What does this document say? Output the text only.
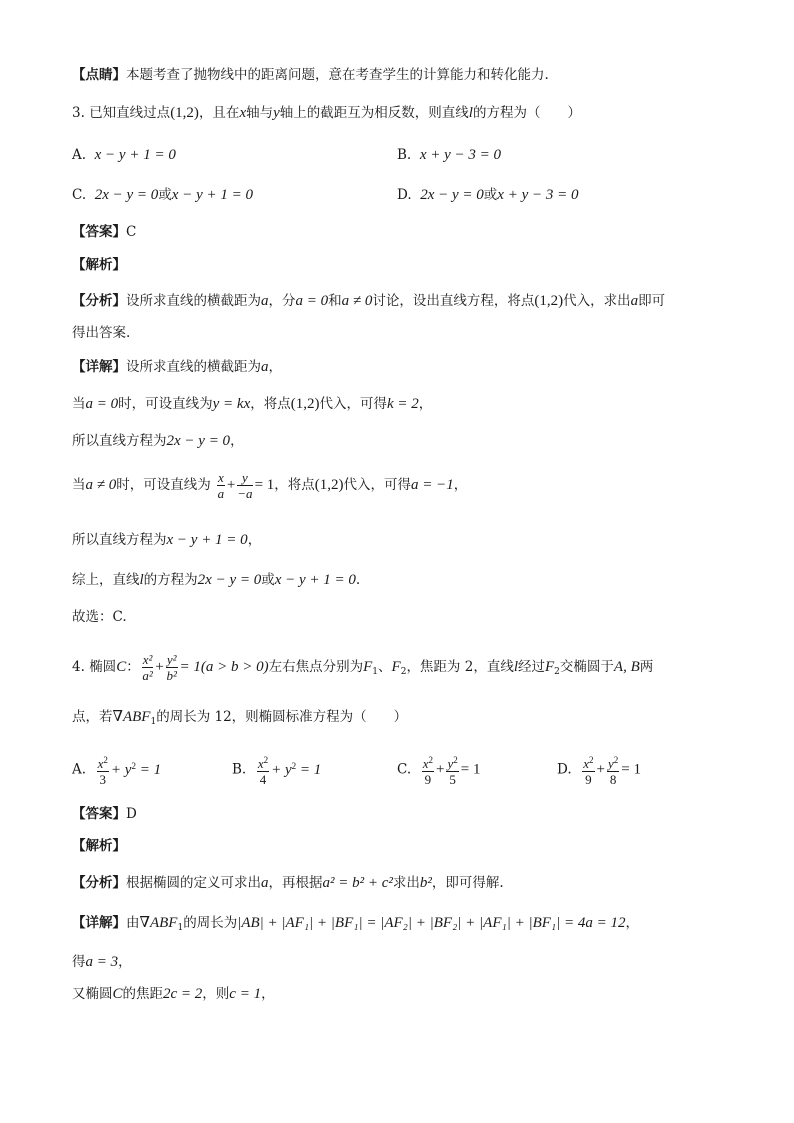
【点睛】本题考查了抛物线中的距离问题，意在考查学生的计算能力和转化能力.
3. 已知直线过点(1,2)，且在x轴与y轴上的截距互为相反数，则直线l的方程为（　　）
A. x − y + 1 = 0	B. x + y − 3 = 0
C. 2x − y = 0或x − y + 1 = 0	D. 2x − y = 0或x + y − 3 = 0
【答案】C
【解析】
【分析】设所求直线的横截距为a，分a = 0和a ≠ 0讨论，设出直线方程，将点(1,2)代入，求出a即可
得出答案.
【详解】设所求直线的横截距为a，
当a = 0时，可设直线为y = kx，将点(1,2)代入，可得k = 2，
所以直线方程为2x − y = 0，
当a ≠ 0时，可设直线为 $\frac{x}{a} + \frac{y}{-a} = 1$，将点(1,2)代入，可得a = −1，
所以直线方程为x − y + 1 = 0，
综上，直线l的方程为2x − y = 0或x − y + 1 = 0.
故选：C.
4. 椭圆C： $\frac{\text{x²}}{\text{a²}} + \frac{\text{y²}}{\text{b²}} = 1(a > b > 0)$左右焦点分别为$F_1$、$F_2$，焦距为 2，直线l经过$F_2$交椭圆于A, B两
点，若$\nabla ABF_1$的周长为 12，则椭圆标准方程为（　　）
A. $\frac{x^2}{3} + y^2 = 1$	B. $\frac{x^2}{4} + y^2 = 1$	C. $\frac{x^2}{9} + \frac{y^2}{5} = 1$	D. $\frac{x^2}{9} + \frac{y^2}{8} = 1$
【答案】D
【解析】
【分析】根据椭圆的定义可求出a，再根据a² = b² + c²求出b²，即可得解.
【详解】由$\nabla ABF_1$的周长为|AB| + |AF₁| + |BF₁| = |AF₂| + |BF₂| + |AF₁| + |BF₁| = 4a = 12，
得a = 3，
又椭圆C的焦距2c = 2，则c = 1，
